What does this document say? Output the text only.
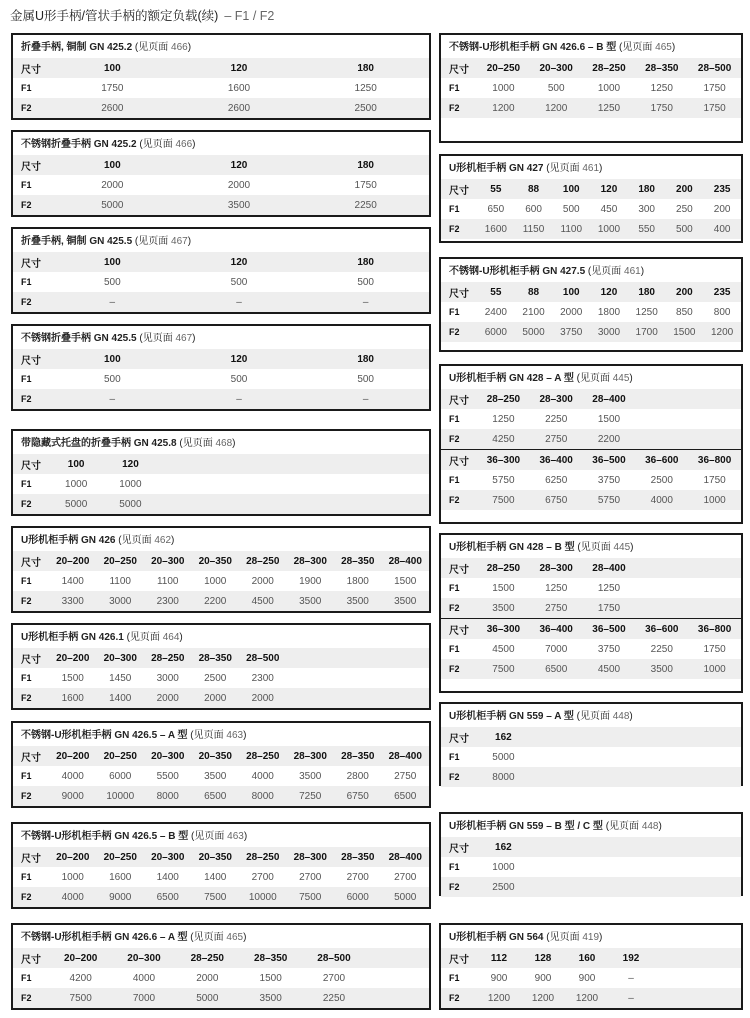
金属U形手柄/管状手柄的额定负载(续) – F1 / F2
折叠手柄, 铜制 GN 425.2 (见页面 466)
尺寸	100	120	180
F1	1750	1600	1250
F2	2600	2600	2500
不锈钢折叠手柄 GN 425.2 (见页面 466)
尺寸	100	120	180
F1	2000	2000	1750
F2	5000	3500	2250
折叠手柄, 铜制 GN 425.5 (见页面 467)
尺寸	100	120	180
F1	500	500	500
F2	–	–	–
不锈钢折叠手柄 GN 425.5 (见页面 467)
尺寸	100	120	180
F1	500	500	500
F2	–	–	–
带隐藏式托盘的折叠手柄 GN 425.8 (见页面 468)
尺寸	100	120					
F1	1000	1000					
F2	5000	5000					
U形机柜手柄 GN 426 (见页面 462)
尺寸	20–200	20–250	20–300	20–350	28–250	28–300	28–350	28–400
F1	1400	1100	1100	1000	2000	1900	1800	1500
F2	3300	3000	2300	2200	4500	3500	3500	3500
U形机柜手柄 GN 426.1 (见页面 464)
尺寸	20–200	20–300	28–250	28–350	28–500			
F1	1500	1450	3000	2500	2300			
F2	1600	1400	2000	2000	2000			
不锈钢-U形机柜手柄 GN 426.5 – A 型 (见页面 463)
尺寸	20–200	20–250	20–300	20–350	28–250	28–300	28–350	28–400
F1	4000	6000	5500	3500	4000	3500	2800	2750
F2	9000	10000	8000	6500	8000	7250	6750	6500
不锈钢-U形机柜手柄 GN 426.5 – B 型 (见页面 463)
尺寸	20–200	20–250	20–300	20–350	28–250	28–300	28–350	28–400
F1	1000	1600	1400	1400	2700	2700	2700	2700
F2	4000	9000	6500	7500	10000	7500	6000	5000
不锈钢-U形机柜手柄 GN 426.6 – A 型 (见页面 465)
尺寸	20–200	20–300	28–250	28–350	28–500	
F1	4200	4000	2000	1500	2700	
F2	7500	7000	5000	3500	2250	
不锈钢-U形机柜手柄 GN 426.6 – B 型 (见页面 465)
尺寸	20–250	20–300	28–250	28–350	28–500
F1	1000	500	1000	1250	1750
F2	1200	1200	1250	1750	1750
U形机柜手柄 GN 427 (见页面 461)
尺寸	55	88	100	120	180	200	235
F1	650	600	500	450	300	250	200
F2	1600	1150	1100	1000	550	500	400
不锈钢-U形机柜手柄 GN 427.5 (见页面 461)
尺寸	55	88	100	120	180	200	235
F1	2400	2100	2000	1800	1250	850	800
F2	6000	5000	3750	3000	1700	1500	1200
U形机柜手柄 GN 428 – A 型 (见页面 445)
尺寸	28–250	28–300	28–400		
F1	1250	2250	1500		
F2	4250	2750	2200		
尺寸	36–300	36–400	36–500	36–600	36–800
F1	5750	6250	3750	2500	1750
F2	7500	6750	5750	4000	1000
U形机柜手柄 GN 428 – B 型 (见页面 445)
尺寸	28–250	28–300	28–400		
F1	1500	1250	1250		
F2	3500	2750	1750		
尺寸	36–300	36–400	36–500	36–600	36–800
F1	4500	7000	3750	2250	1750
F2	7500	6500	4500	3500	1000
U形机柜手柄 GN 559 – A 型 (见页面 448)
尺寸	162				
F1	5000				
F2	8000				
U形机柜手柄 GN 559 – B 型 / C 型 (见页面 448)
尺寸	162				
F1	1000				
F2	2500				
U形机柜手柄 GN 564 (见页面 419)
尺寸	112	128	160	192		
F1	900	900	900	–		
F2	1200	1200	1200	–		
